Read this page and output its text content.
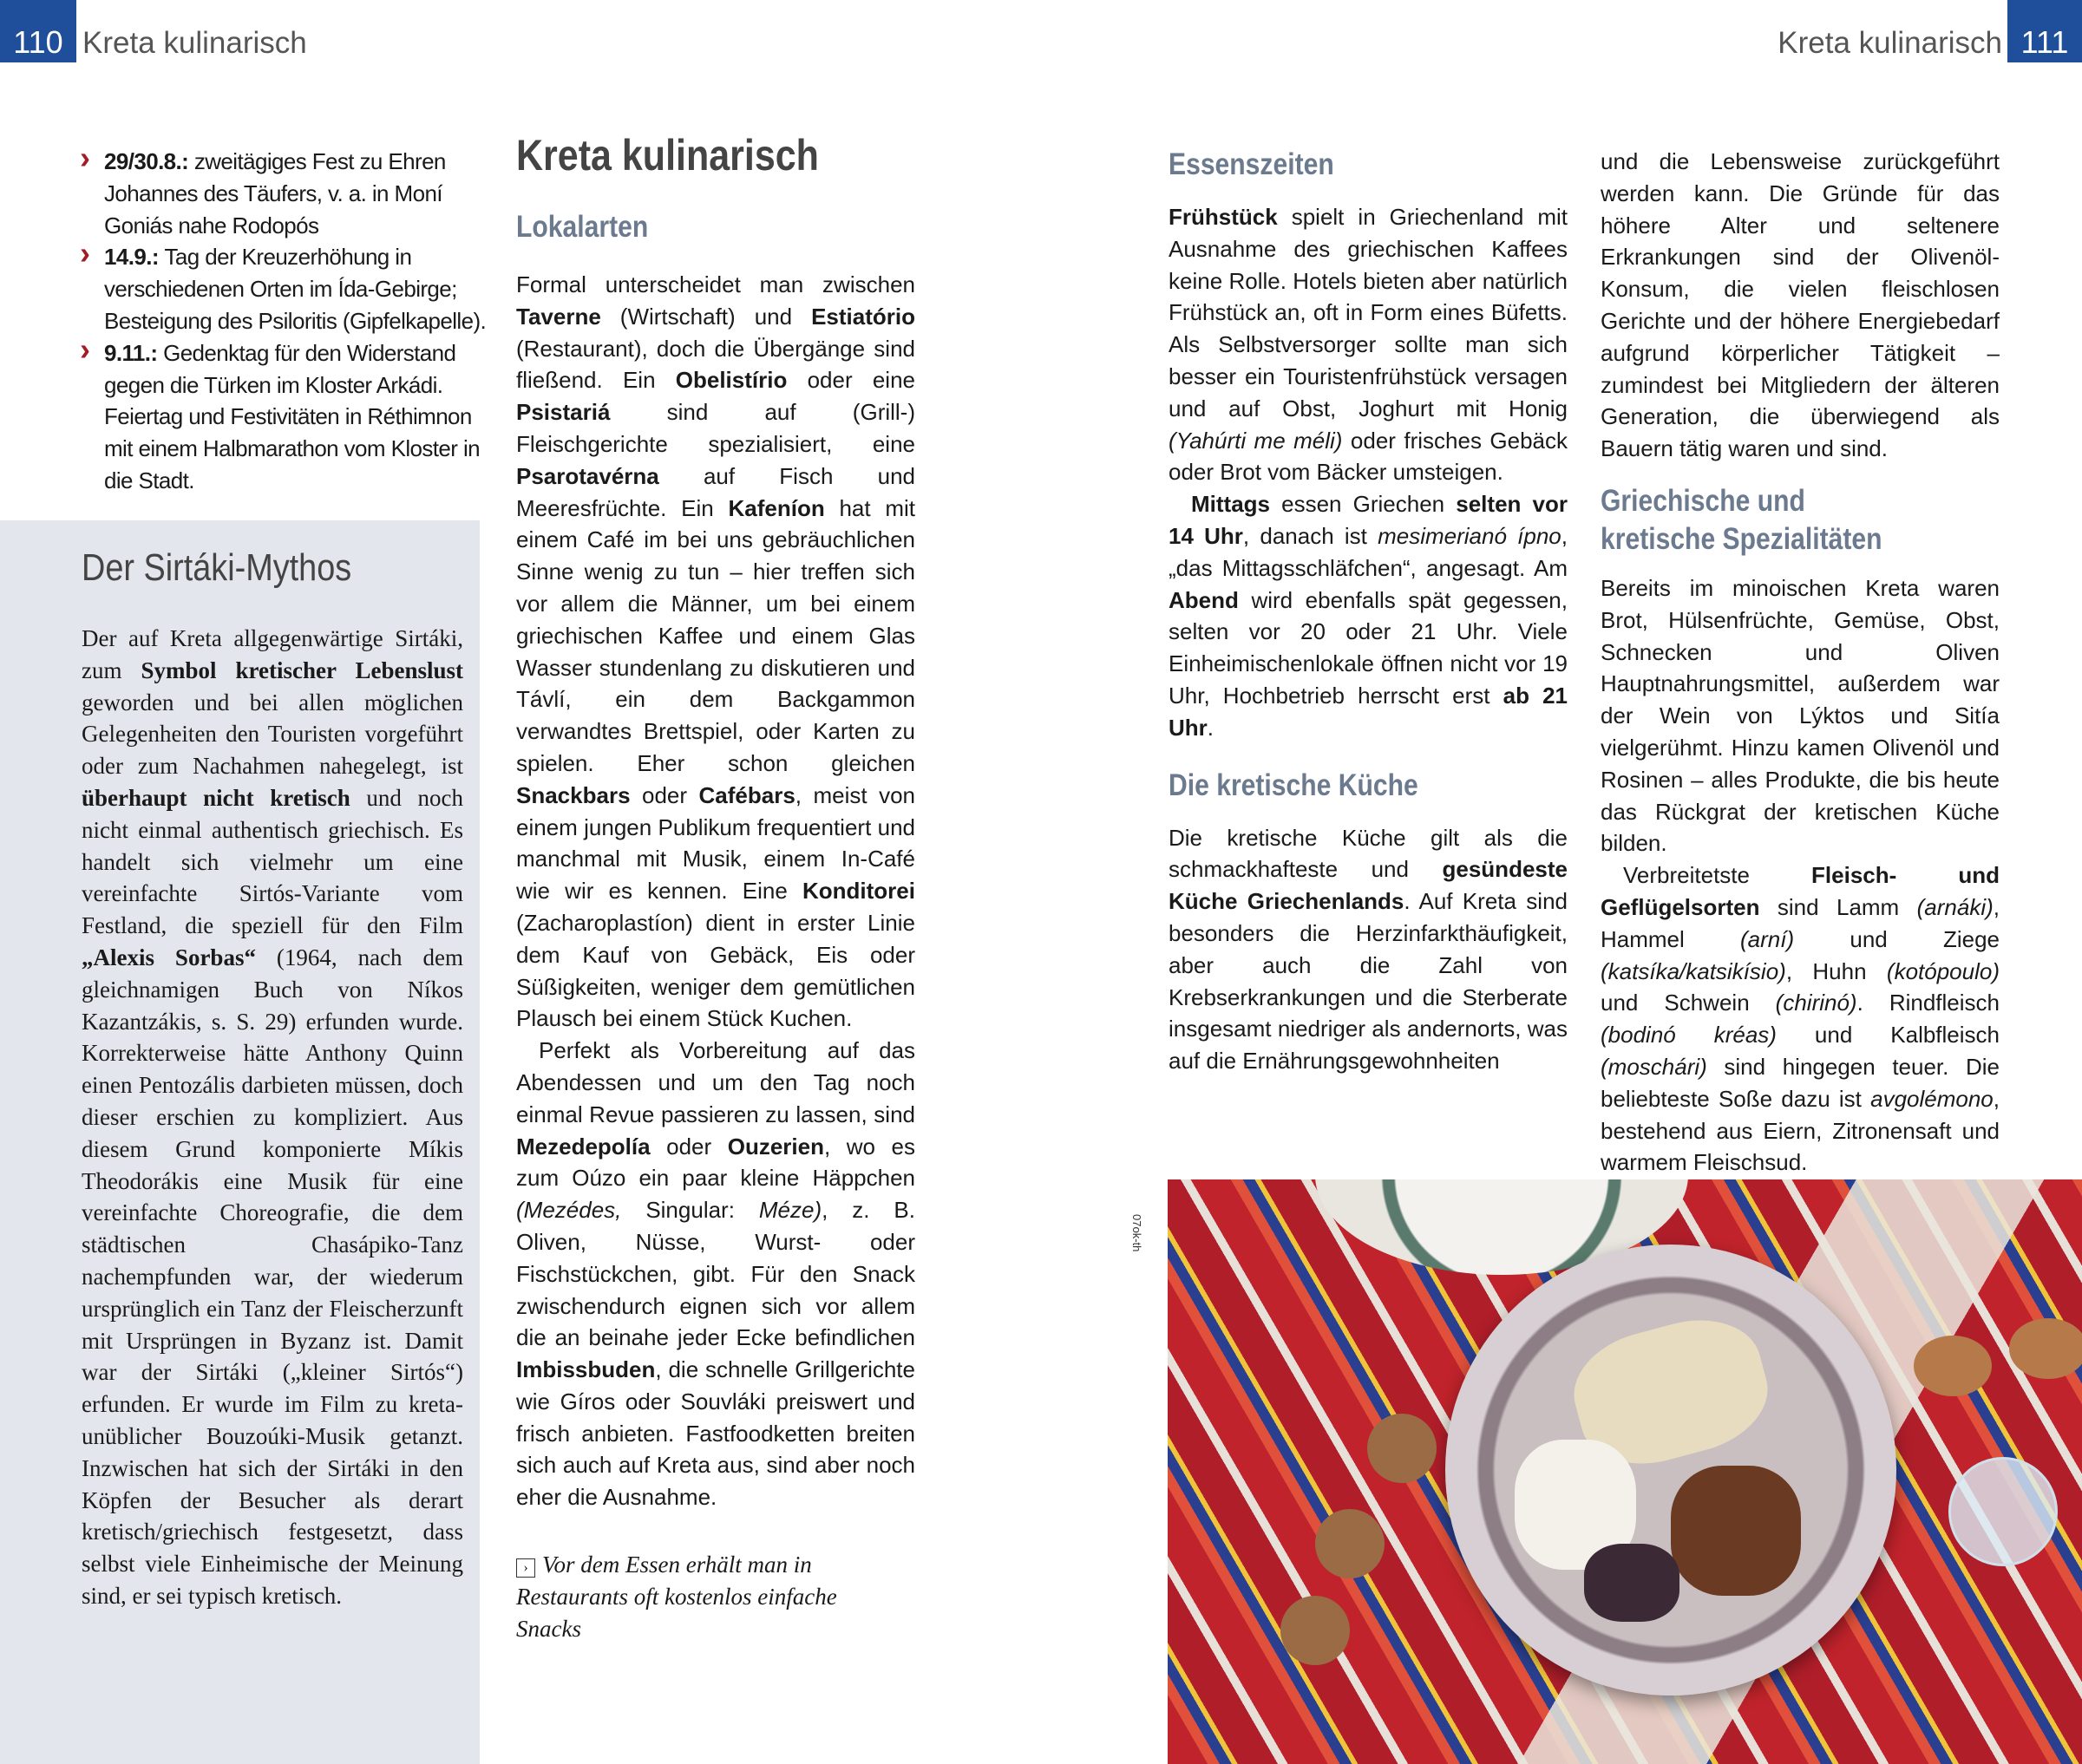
110 Kreta kulinarisch	Kreta kulinarisch 111
› 29/30.8.: zweitägiges Fest zu Ehren Johannes des Täufers, v. a. in Moní Goniás nahe Rodopós
› 14.9.: Tag der Kreuzerhöhung in verschiedenen Orten im Ída-Gebirge; Besteigung des Psiloritis (Gipfelkapelle).
› 9.11.: Gedenktag für den Widerstand gegen die Türken im Kloster Arkádi. Feiertag und Festivitäten in Réthimnon mit einem Halbmarathon vom Kloster in die Stadt.
Der Sirtáki-Mythos
Der auf Kreta allgegenwärtige Sirtáki, zum Symbol kretischer Lebenslust geworden und bei allen möglichen Gelegenheiten den Touristen vorgeführt oder zum Nachahmen nahegelegt, ist überhaupt nicht kretisch und noch nicht einmal authentisch griechisch. Es handelt sich vielmehr um eine vereinfachte Sirtós-Variante vom Festland, die speziell für den Film „Alexis Sorbas“ (1964, nach dem gleichnamigen Buch von Níkos Kazantzákis, s. S. 29) erfunden wurde. Korrekterweise hätte Anthony Quinn einen Pentozális darbieten müssen, doch dieser erschien zu kompliziert. Aus diesem Grund komponierte Míkis Theodorákis eine Musik für eine vereinfachte Choreografie, die dem städtischen Chasápiko-Tanz nachempfunden war, der wiederum ursprünglich ein Tanz der Fleischerzunft mit Ursprüngen in Byzanz ist. Damit war der Sirtáki („kleiner Sirtós“) erfunden. Er wurde im Film zu kreta-unüblicher Bouzoúki-Musik getanzt. Inzwischen hat sich der Sirtáki in den Köpfen der Besucher als derart kretisch/griechisch festgesetzt, dass selbst viele Einheimische der Meinung sind, er sei typisch kretisch.
Kreta kulinarisch
Lokalarten

Formal unterscheidet man zwischen Taverne (Wirtschaft) und Estiatório (Restaurant), doch die Übergänge sind fließend. Ein Obelistírio oder eine Psistariá sind auf (Grill-) Fleischgerichte spezialisiert, eine Psarotavérna auf Fisch und Meeresfrüchte. Ein Kafeníon hat mit einem Café im bei uns gebräuchlichen Sinne wenig zu tun – hier treffen sich vor allem die Männer, um bei einem griechischen Kaffee und einem Glas Wasser stundenlang zu diskutieren und Távlí, ein dem Backgammon verwandtes Brettspiel, oder Karten zu spielen. Eher schon gleichen Snackbars oder Cafébars, meist von einem jungen Publikum frequentiert und manchmal mit Musik, einem In-Café wie wir es kennen. Eine Konditorei (Zacharoplastíon) dient in erster Linie dem Kauf von Gebäck, Eis oder Süßigkeiten, weniger dem gemütlichen Plausch bei einem Stück Kuchen.

Perfekt als Vorbereitung auf das Abendessen und um den Tag noch einmal Revue passieren zu lassen, sind Mezedepolía oder Ouzerien, wo es zum Oúzo ein paar kleine Häppchen (Mezédes, Singular: Méze), z. B. Oliven, Nüsse, Wurst- oder Fischstückchen, gibt. Für den Snack zwischendurch eignen sich vor allem die an beinahe jeder Ecke befindlichen Imbissbuden, die schnelle Grillgerichte wie Gíros oder Souvláki preiswert und frisch anbieten. Fastfoodketten breiten sich auch auf Kreta aus, sind aber noch eher die Ausnahme.

› Vor dem Essen erhält man in Restaurants oft kostenlos einfache Snacks
Essenszeiten

Frühstück spielt in Griechenland mit Ausnahme des griechischen Kaffees keine Rolle. Hotels bieten aber natürlich Frühstück an, oft in Form eines Büfetts. Als Selbstversorger sollte man sich besser ein Touristenfrühstück versagen und auf Obst, Joghurt mit Honig (Yahúrti me méli) oder frisches Gebäck oder Brot vom Bäcker umsteigen.

Mittags essen Griechen selten vor 14 Uhr, danach ist mesimerianó ípno, „das Mittagsschläfchen“, angesagt. Am Abend wird ebenfalls spät gegessen, selten vor 20 oder 21 Uhr. Viele Einheimischenlokale öffnen nicht vor 19 Uhr, Hochbetrieb herrscht erst ab 21 Uhr.

Die kretische Küche

Die kretische Küche gilt als die schmackhafteste und gesündeste Küche Griechenlands. Auf Kreta sind besonders die Herzinfarkthäufigkeit, aber auch die Zahl von Krebserkrankungen und die Sterberate insgesamt niedriger als andernorts, was auf die Ernährungsgewohnheiten

und die Lebensweise zurückgeführt werden kann. Die Gründe für das höhere Alter und seltenere Erkrankungen sind der Olivenöl-Konsum, die vielen fleischlosen Gerichte und der höhere Energiebedarf aufgrund körperlicher Tätigkeit – zumindest bei Mitgliedern der älteren Generation, die überwiegend als Bauern tätig waren und sind.

Griechische und kretische Spezialitäten

Bereits im minoischen Kreta waren Brot, Hülsenfrüchte, Gemüse, Obst, Schnecken und Oliven Hauptnahrungsmittel, außerdem war der Wein von Lýktos und Sitía vielgerühmt. Hinzu kamen Olivenöl und Rosinen – alles Produkte, die bis heute das Rückgrat der kretischen Küche bilden.

Verbreitetste Fleisch- und Geflügelsorten sind Lamm (arnáki), Hammel (arní) und Ziege (katsíka/katsikísio), Huhn (kotópoulo) und Schwein (chirinó). Rindfleisch (bodinó kréas) und Kalbfleisch (moschári) sind hingegen teuer. Die beliebteste Soße dazu ist avgolémono, bestehend aus Eiern, Zitronensaft und warmem Fleischsud.

07ok-th
